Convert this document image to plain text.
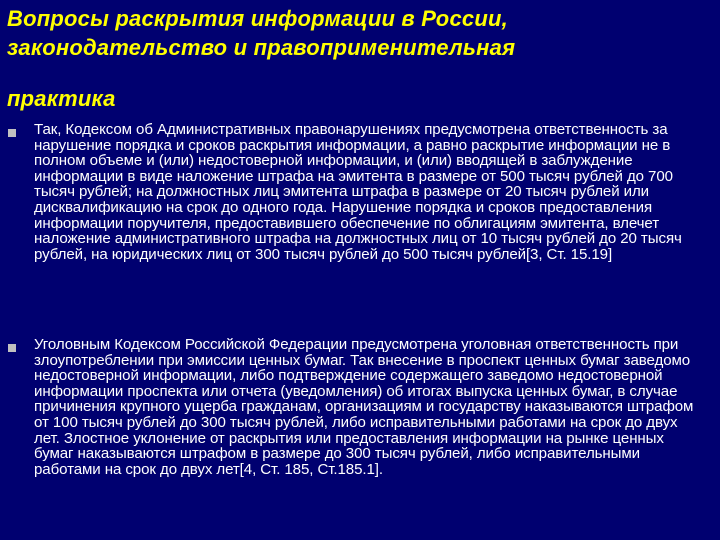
Вопросы раскрытия информации в России,
законодательство и правоприменительная
практика
Так, Кодексом об Административных правонарушениях предусмотрена ответственность за нарушение порядка и сроков раскрытия информации, а равно раскрытие информации не в полном объеме и (или) недостоверной информации, и (или) вводящей в заблуждение информации в виде наложение штрафа на эмитента в размере от 500 тысяч рублей до 700 тысяч рублей; на должностных лиц эмитента штрафа в размере от 20 тысяч рублей или дисквалификацию на срок до одного года. Нарушение порядка и сроков предоставления информации поручителя, предоставившего обеспечение по облигациям эмитента, влечет наложение административного штрафа на должностных лиц от 10 тысяч рублей до 20 тысяч рублей, на юридических лиц от 300 тысяч рублей до 500 тысяч рублей[3, Ст. 15.19]
Уголовным Кодексом Российской Федерации предусмотрена уголовная ответственность при злоупотреблении при эмиссии ценных бумаг. Так внесение в проспект ценных бумаг заведомо недостоверной информации, либо подтверждение содержащего заведомо недостоверной информации проспекта или отчета (уведомления) об итогах выпуска ценных бумаг, в случае причинения крупного ущерба гражданам, организациям и государству наказываются штрафом от 100 тысяч рублей до 300 тысяч рублей, либо исправительными работами на срок до двух лет. Злостное уклонение от раскрытия или предоставления информации на рынке ценных бумаг наказываются штрафом в размере до 300 тысяч рублей, либо исправительными работами на срок до двух лет[4, Ст. 185, Ст.185.1].
